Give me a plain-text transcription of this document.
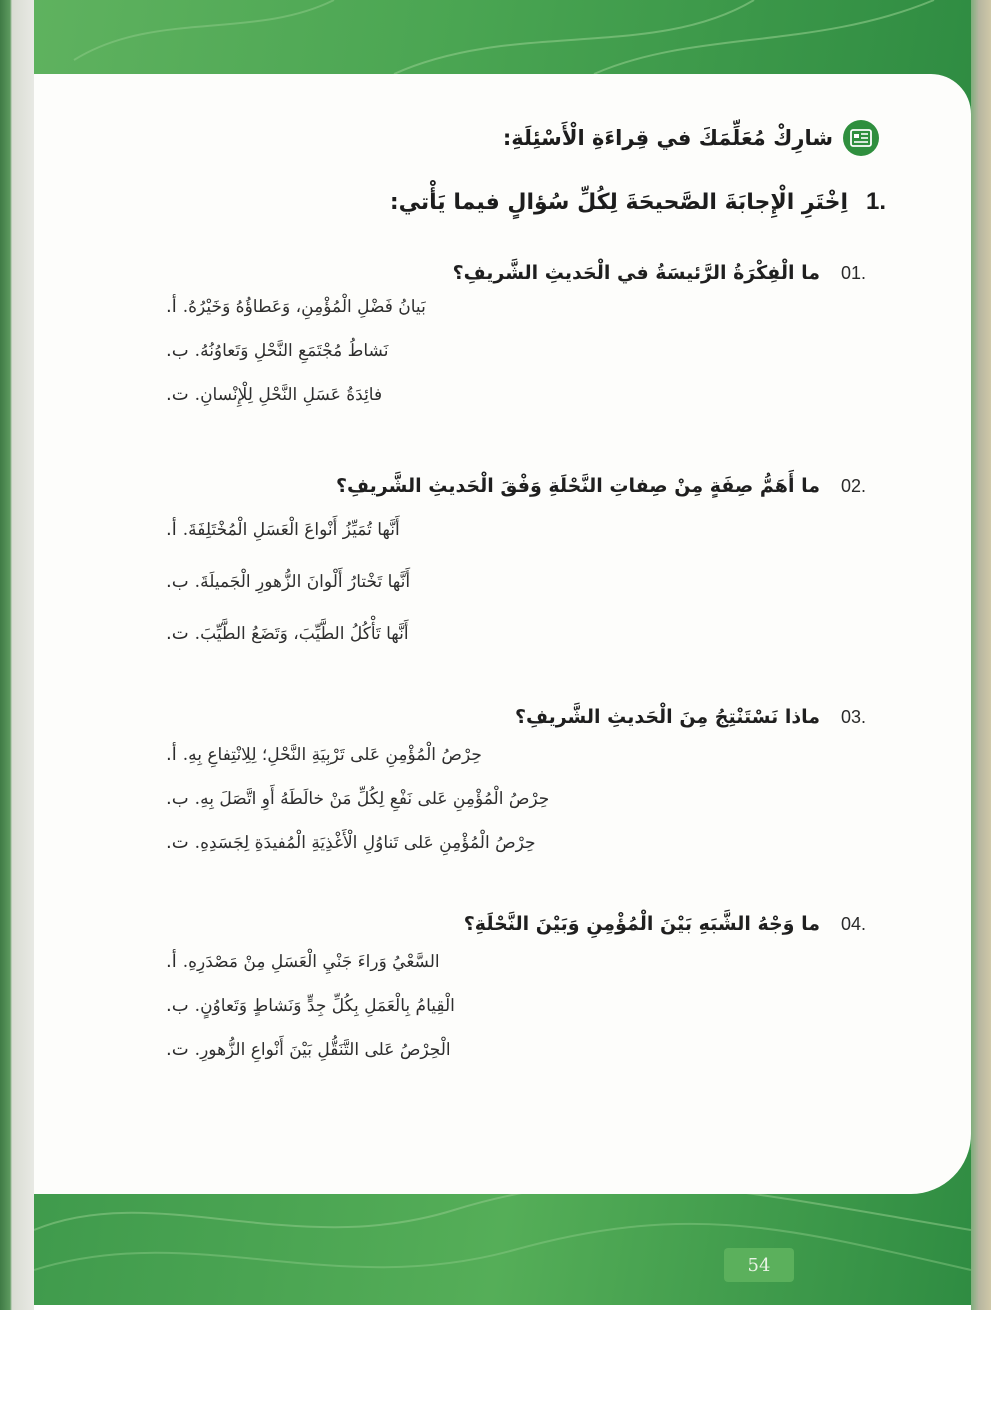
54
شارِكْ مُعَلِّمَكَ في قِراءَةِ الْأَسْئِلَةِ:
1.
اِخْتَرِ الْإِجابَةَ الصَّحيحَةَ لِكُلِّ سُؤالٍ فيما يَأْتي:
01.
ما الْفِكْرَةُ الرَّئيسَةُ في الْحَديثِ الشَّريفِ؟
أ. بَيانُ فَضْلِ الْمُؤْمِنِ، وَعَطاؤُهُ وَخَيْرُهُ.
ب. نَشاطُ مُجْتَمَعِ النَّحْلِ وَتَعاوُنُهُ.
ت. فائِدَةُ عَسَلِ النَّحْلِ لِلْإِنْسانِ.
02.
ما أَهَمُّ صِفَةٍ مِنْ صِفاتِ النَّحْلَةِ وَفْقَ الْحَديثِ الشَّريفِ؟
أ. أَنَّها تُمَيِّزُ أَنْواعَ الْعَسَلِ الْمُخْتَلِفَةَ.
ب. أَنَّها تَخْتارُ أَلْوانَ الزُّهورِ الْجَميلَةَ.
ت. أَنَّها تَأْكُلُ الطَّيِّبَ، وَتَضَعُ الطَّيِّبَ.
03.
ماذا نَسْتَنْتِجُ مِنَ الْحَديثِ الشَّريفِ؟
أ. حِرْصُ الْمُؤْمِنِ عَلى تَرْبِيَةِ النَّحْلِ؛ لِلِانْتِفاعِ بِهِ.
ب. حِرْصُ الْمُؤْمِنِ عَلى نَفْعِ لِكُلِّ مَنْ خالَطَهُ أَوِ اتَّصَلَ بِهِ.
ت. حِرْصُ الْمُؤْمِنِ عَلى تَناوُلِ الْأَغْذِيَةِ الْمُفيدَةِ لِجَسَدِهِ.
04.
ما وَجْهُ الشَّبَهِ بَيْنَ الْمُؤْمِنِ وَبَيْنَ النَّحْلَةِ؟
أ. السَّعْيُ وَراءَ جَنْيِ الْعَسَلِ مِنْ مَصْدَرِهِ.
ب. الْقِيامُ بِالْعَمَلِ بِكُلِّ جِدٍّ وَنَشاطٍ وَتَعاوُنٍ.
ت. الْحِرْصُ عَلى التَّنَقُّلِ بَيْنَ أَنْواعِ الزُّهورِ.
